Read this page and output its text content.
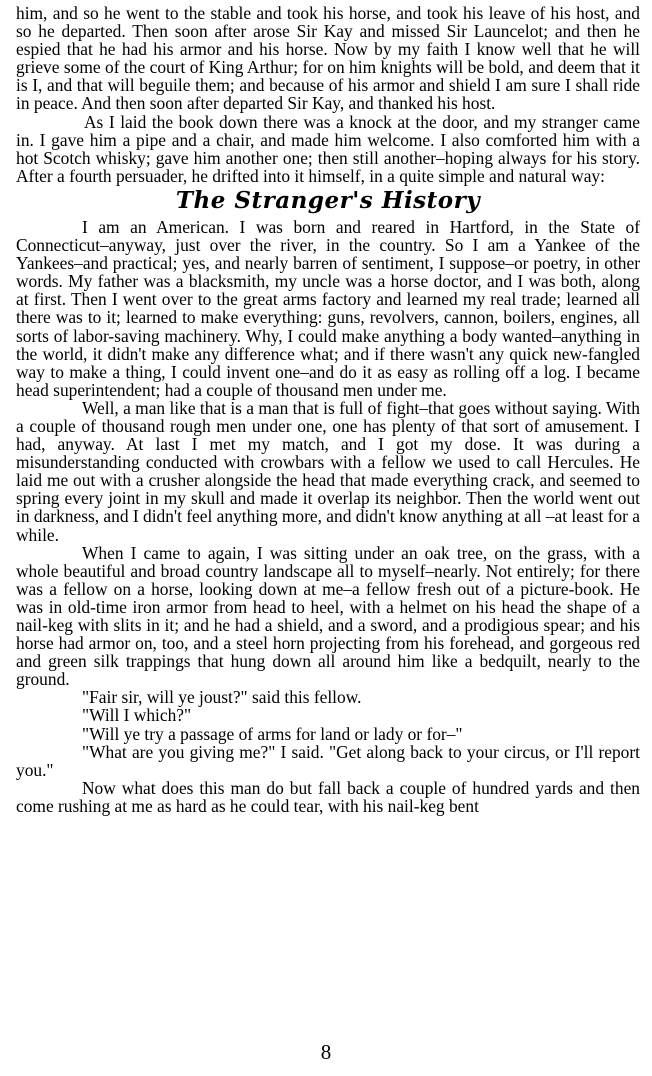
him, and so he went to the stable and took his horse, and took his leave of his host, and so he departed. Then soon after arose Sir Kay and missed Sir Launcelot; and then he espied that he had his armor and his horse. Now by my faith I know well that he will grieve some of the court of King Arthur; for on him knights will be bold, and deem that it is I, and that will beguile them; and because of his armor and shield I am sure I shall ride in peace. And then soon after departed Sir Kay, and thanked his host.

As I laid the book down there was a knock at the door, and my stranger came in. I gave him a pipe and a chair, and made him welcome. I also comforted him with a hot Scotch whisky; gave him another one; then still another–hoping always for his story. After a fourth persuader, he drifted into it himself, in a quite simple and natural way:

The Stranger's History

I am an American. I was born and reared in Hartford, in the State of Connecticut–anyway, just over the river, in the country. So I am a Yankee of the Yankees–and practical; yes, and nearly barren of sentiment, I suppose–or poetry, in other words. My father was a blacksmith, my uncle was a horse doctor, and I was both, along at first. Then I went over to the great arms factory and learned my real trade; learned all there was to it; learned to make everything: guns, revolvers, cannon, boilers, engines, all sorts of labor-saving machinery. Why, I could make anything a body wanted–anything in the world, it didn't make any difference what; and if there wasn't any quick new-fangled way to make a thing, I could invent one–and do it as easy as rolling off a log. I became head superintendent; had a couple of thousand men under me.

Well, a man like that is a man that is full of fight–that goes without saying. With a couple of thousand rough men under one, one has plenty of that sort of amusement. I had, anyway. At last I met my match, and I got my dose. It was during a misunderstanding conducted with crowbars with a fellow we used to call Hercules. He laid me out with a crusher alongside the head that made everything crack, and seemed to spring every joint in my skull and made it overlap its neighbor. Then the world went out in darkness, and I didn't feel anything more, and didn't know anything at all –at least for a while.

When I came to again, I was sitting under an oak tree, on the grass, with a whole beautiful and broad country landscape all to myself–nearly. Not entirely; for there was a fellow on a horse, looking down at me–a fellow fresh out of a picture-book. He was in old-time iron armor from head to heel, with a helmet on his head the shape of a nail-keg with slits in it; and he had a shield, and a sword, and a prodigious spear; and his horse had armor on, too, and a steel horn projecting from his forehead, and gorgeous red and green silk trappings that hung down all around him like a bedquilt, nearly to the ground.

"Fair sir, will ye joust?" said this fellow.

"Will I which?"

"Will ye try a passage of arms for land or lady or for–"

"What are you giving me?" I said. "Get along back to your circus, or I'll report you."

Now what does this man do but fall back a couple of hundred yards and then come rushing at me as hard as he could tear, with his nail-keg bent

8
